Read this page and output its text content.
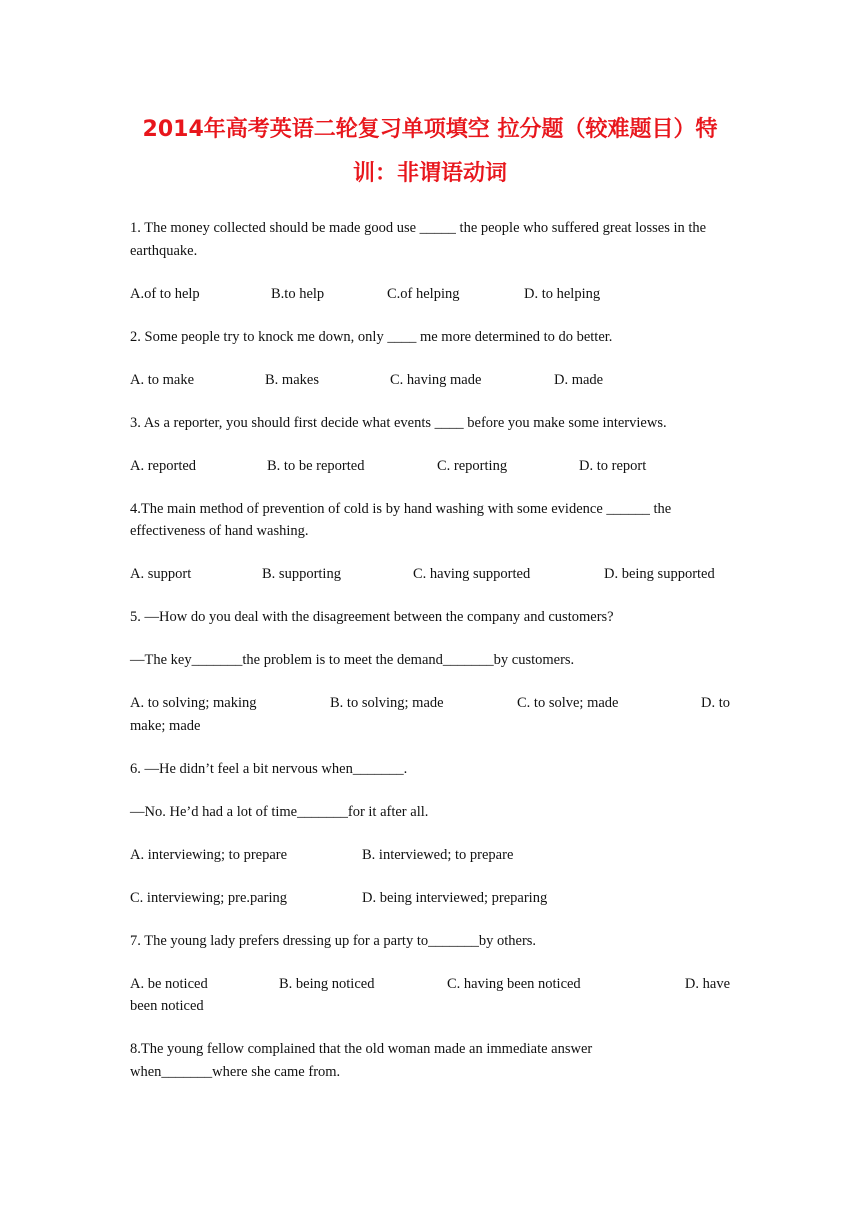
2014年高考英语二轮复习单项填空 拉分题（较难题目）特
训：非谓语动词

1. The money collected should be made good use _____ the people who suffered great losses in the earthquake.

A.of to help	B.to help	C.of helping	D. to helping

2. Some people try to knock me down, only ____ me more determined to do better.

A. to make	B. makes	C. having made	D. made

3. As a reporter, you should first decide what events ____ before you make some interviews.

A. reported	B. to be reported	C. reporting	D. to report

4.The main method of prevention of cold is by hand washing with some evidence ______ the effectiveness of hand washing.

A. support	B. supporting	C. having supported	D. being supported

5. —How do you deal with the disagreement between the company and customers?

—The key_______the problem is to meet the demand_______by customers.

A. to solving; making	B. to solving; made	C. to solve; made	D. to
make; made

6. —He didn’t feel a bit nervous when_______.

—No. He’d had a lot of time_______for it after all.

A. interviewing; to prepare	B. interviewed; to prepare
C. interviewing; pre.paring	D. being interviewed; preparing

7. The young lady prefers dressing up for a party to_______by others.

A. be noticed	B. being noticed	C. having been noticed	D. have
been noticed

8.The young fellow complained that the old woman made an immediate answer when_______where she came from.
